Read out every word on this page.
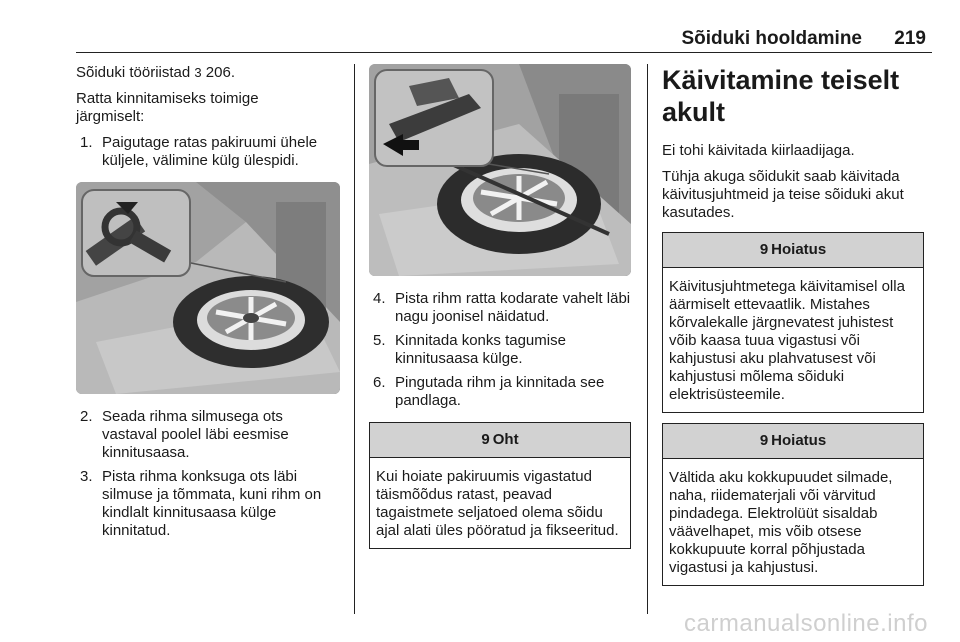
Sõiduki hooldamine 219

Sõiduki tööriistad 3 206.

Ratta kinnitamiseks toimige järgmiselt:

1. Paigutage ratas pakiruumi ühele küljele, välimine külg ülespidi.
2. Seada rihma silmusega ots vastaval poolel läbi eesmise kinnitusaasa.
3. Pista rihma konksuga ots läbi silmuse ja tõmmata, kuni rihm on kindlalt kinnitusaasa külge kinnitatud.
4. Pista rihm ratta kodarate vahelt läbi nagu joonisel näidatud.
5. Kinnitada konks tagumise kinnitusaasa külge.
6. Pingutada rihm ja kinnitada see pandlaga.
9 Oht
Kui hoiate pakiruumis vigastatud täismõõdus ratast, peavad tagaistmete seljatoed olema sõidu ajal alati üles pööratud ja fikseeritud.
Käivitamine teiselt akult

Ei tohi käivitada kiirlaadijaga.

Tühja akuga sõidukit saab käivitada käivitusjuhtmeid ja teise sõiduki akut kasutades.

9 Hoiatus
Käivitusjuhtmetega käivitamisel olla äärmiselt ettevaatlik. Mistahes kõrvalekalle järgnevatest juhistest võib kaasa tuua vigastusi või kahjustusi aku plahvatusest või kahjustusi mõlema sõiduki elektrisüsteemile.
9 Hoiatus
Vältida aku kokkupuudet silmade, naha, riidematerjali või värvitud pindadega. Elektrolüüt sisaldab väävelhapet, mis võib otsese kokkupuute korral põhjustada vigastusi ja kahjustusi.
carmanualsonline.info
